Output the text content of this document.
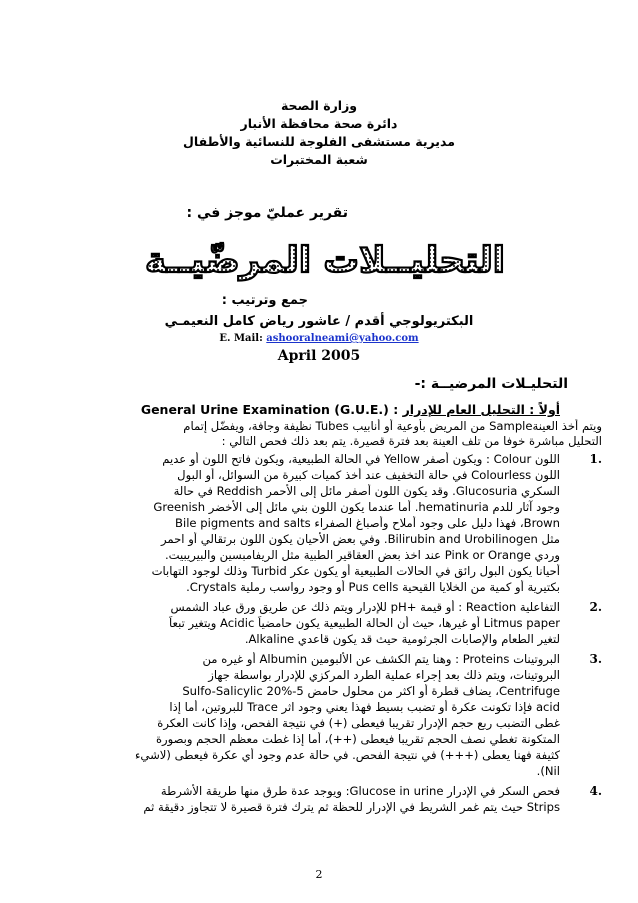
وزارة الصحة
دائرة صحة محافظة الأنبار
مديرية مستشفى الفلوجة للنسائية والأطفال
شعبة المختبرات
تقرير عمليّ موجز في :
التحليــلات المرضّيــة
جمع وترتيب :
البكتريولوجي أقدم / عاشور رياض كامل النعيمـي
E. Mail: ashooralneami@yahoo.com
April 2005
التحليـلات المرضيــة :-
أولاً : التحليل العام للإدرار General Urine Examination (G.U.E.) :
ويتم أخذ العينةSample من المريض بأوعية أو أنابيب Tubes نظيفة وجافة، ويفضّل إتمام
التحليل مباشرة خوفا من تلف العينة بعد فترة قصيرة. يتم بعد ذلك فحص التالي :
1.
اللون Colour : ويكون أصفر Yellow في الحالة الطبيعية، ويكون فاتح اللون أو عديم
اللون Colourless في حالة التخفيف عند أخذ كميات كبيرة من السوائل، أو البول
السكري Glucosuria. وقد يكون اللون أصفر مائل إلى الأحمر Reddish في حالة
وجود آثار للدم hematinuria. أما عندما يكون اللون بني مائل إلى الأخضر Greenish
Brown، فهذا دليل على وجود أملاح وأصباغ الصفراء Bile pigments and salts
مثل Bilirubin and Urobilinogen. وفي بعض الأحيان يكون اللون برتقالي أو احمر
وردي Pink or Orange عند اخذ بعض العقاقير الطبية مثل الريفامبسين والبيريبيت.
أحيانا يكون البول رائق في الحالات الطبيعية أو يكون عكر Turbid وذلك لوجود التهابات
بكتيرية أو كمية من الخلايا القيحية Pus cells أو وجود رواسب رملية Crystals.
2.
التفاعلية Reaction : أو قيمة +pH للإدرار ويتم ذلك عن طريق ورق عباد الشمس
Litmus paper أو غيرها، حيث أن الحالة الطبيعية يكون حامضياً Acidic ويتغير تبعاً
لتغير الطعام والإصابات الجرثومية حيث قد يكون قاعدي Alkaline.
3.
البروتينات Proteins : وهنا يتم الكشف عن الألبومين Albumin أو غيره من
البروتينات، ويتم ذلك بعد إجراء عملية الطرد المركزي للإدرار بواسطة جهاز
Centrifuge، يضاف قطرة أو اكثر من محلول حامض 5-Sulfo-Salicylic 20%
acid فإذا تكونت عكرة أو تضبب بسيط فهذا يعني وجود اثر Trace للبروتين، أما إذا
غطى التضبب ربع حجم الإدرار تقريبا فيعطى (+) في نتيجة الفحص، وإذا كانت العكرة
المتكونة تغطي نصف الحجم تقريبا فيعطى (++)، أما إذا غطت معظم الحجم وبصورة
كثيفة فهنا يعطى (+++) في نتيجة الفحص. في حالة عدم وجود أي عكرة فيعطى (لاشيء
Nil).
4.
فحص السكر في الإدرار Glucose in urine: ويوجد عدة طرق منها طريقة الأشرطة
Strips حيث يتم غمر الشريط في الإدرار للحظة ثم يترك فترة قصيرة لا تتجاوز دقيقة ثم
2
